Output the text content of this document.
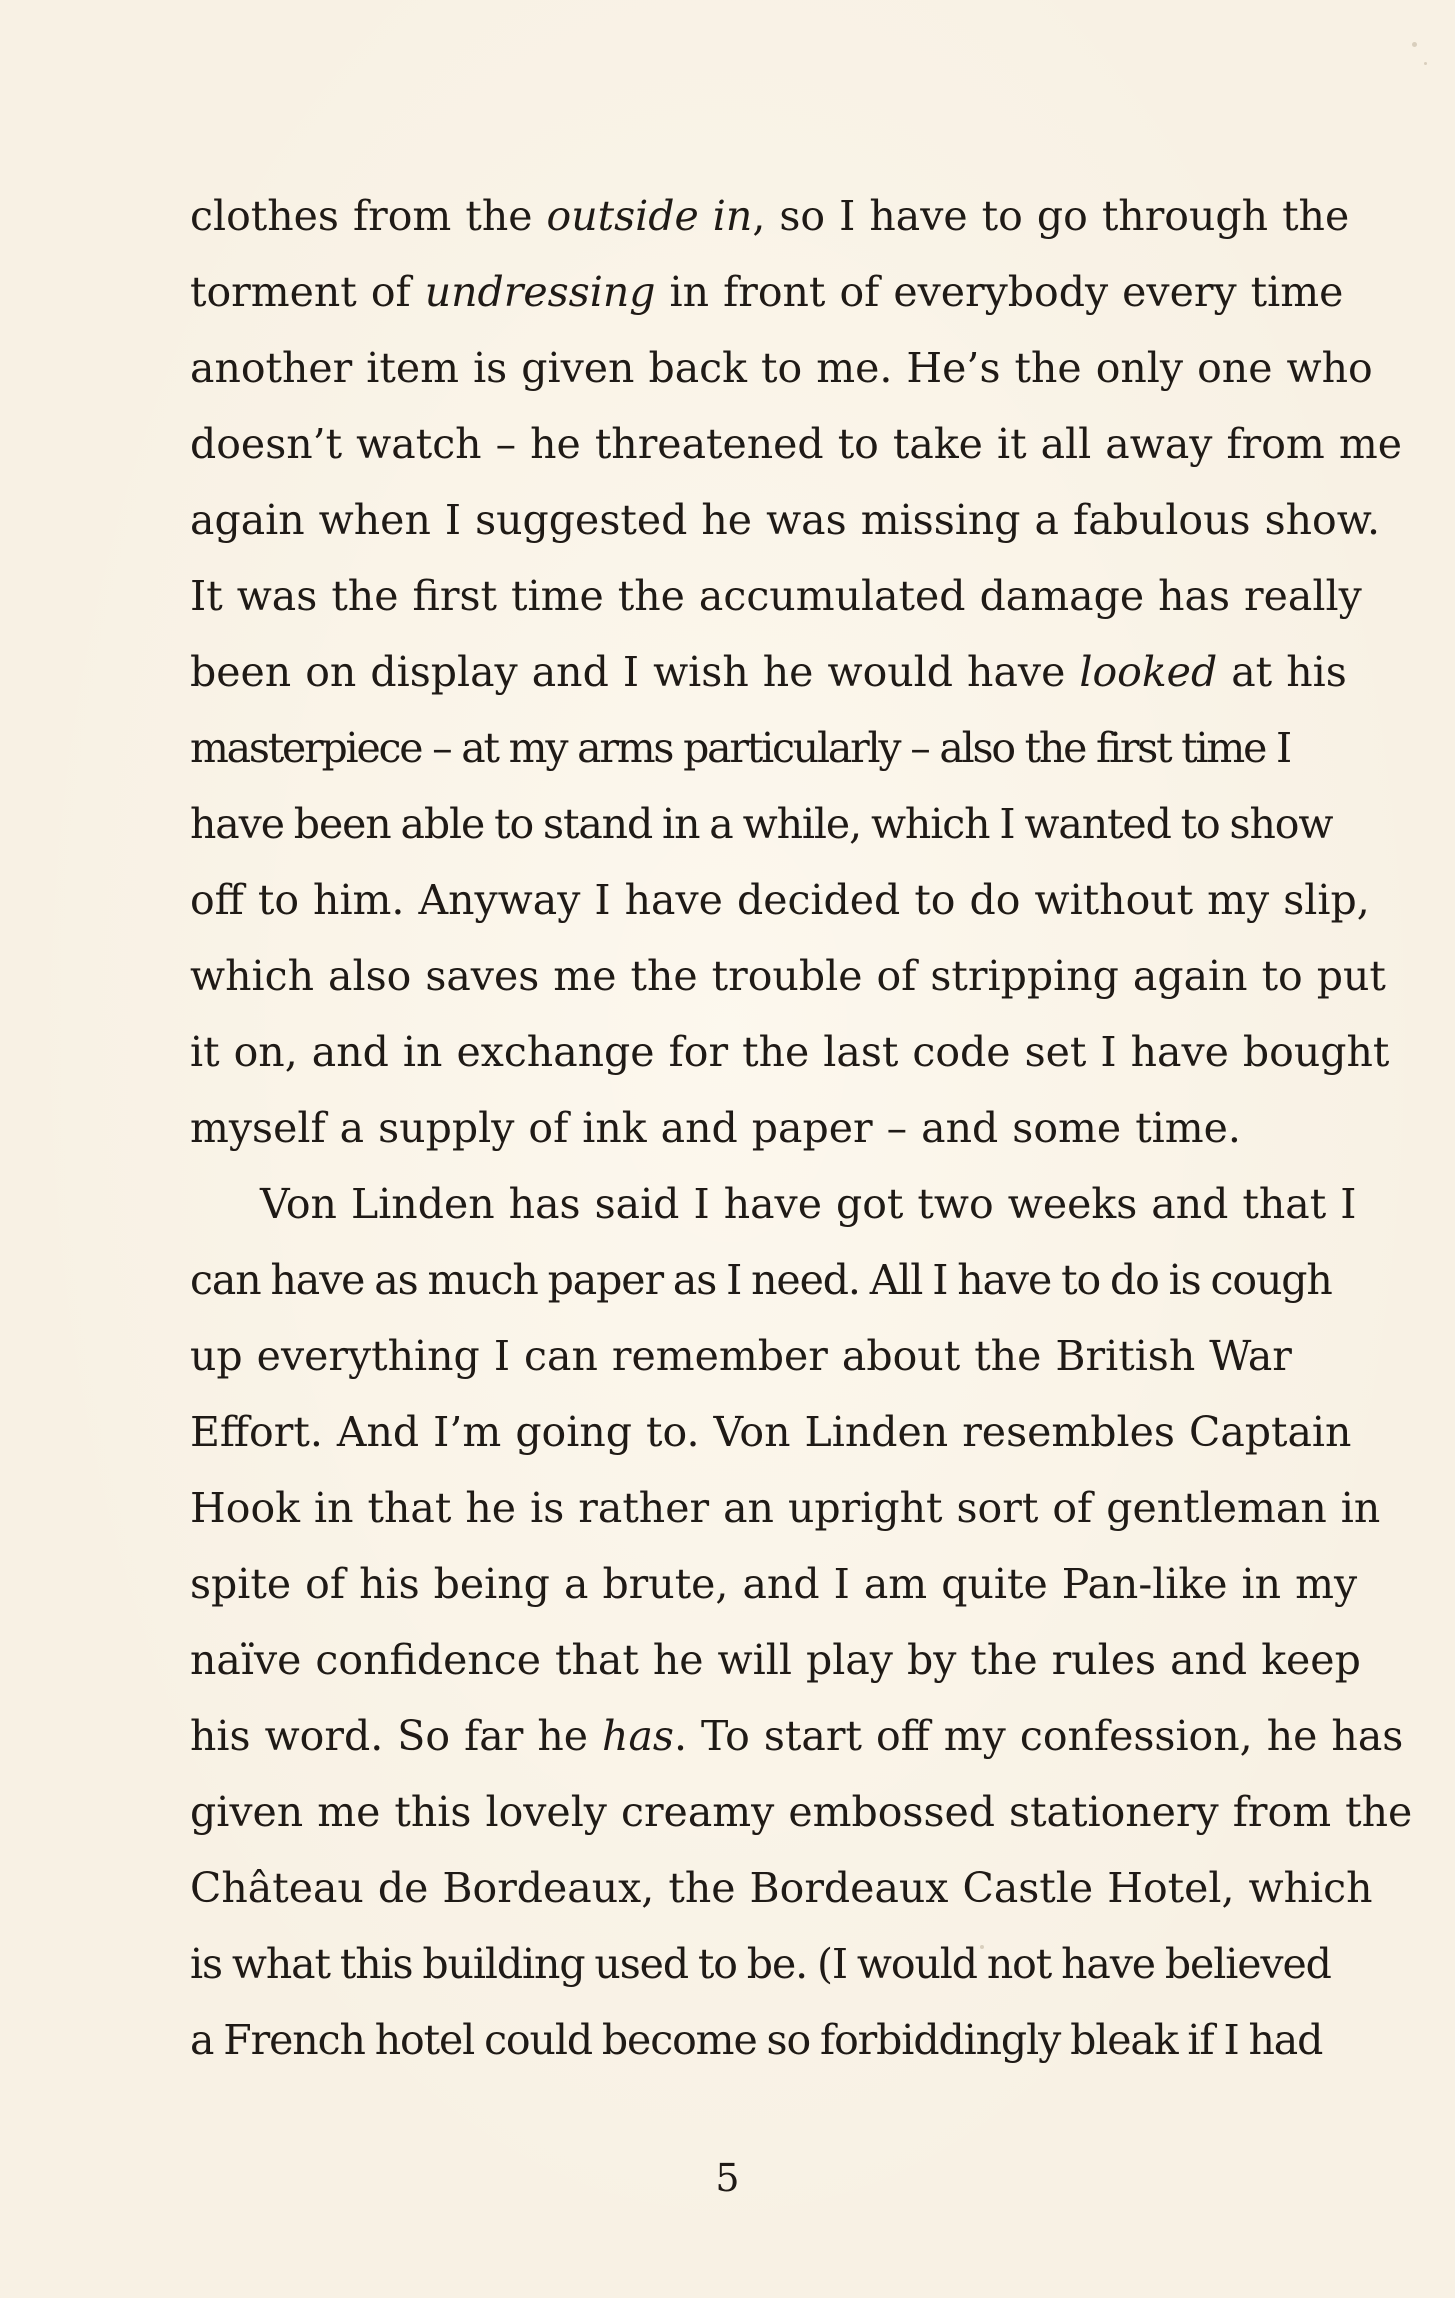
clothes from the outside in, so I have to go through the
torment of undressing in front of everybody every time
another item is given back to me. He’s the only one who
doesn’t watch – he threatened to take it all away from me
again when I suggested he was missing a fabulous show.
It was the first time the accumulated damage has really
been on display and I wish he would have looked at his
masterpiece – at my arms particularly – also the first time I
have been able to stand in a while, which I wanted to show
off to him. Anyway I have decided to do without my slip,
which also saves me the trouble of stripping again to put
it on, and in exchange for the last code set I have bought
myself a supply of ink and paper – and some time.
Von Linden has said I have got two weeks and that I
can have as much paper as I need. All I have to do is cough
up everything I can remember about the British War
Effort. And I’m going to. Von Linden resembles Captain
Hook in that he is rather an upright sort of gentleman in
spite of his being a brute, and I am quite Pan-like in my
naïve confidence that he will play by the rules and keep
his word. So far he has. To start off my confession, he has
given me this lovely creamy embossed stationery from the
Château de Bordeaux, the Bordeaux Castle Hotel, which
is what this building used to be. (I would not have believed
a French hotel could become so forbiddingly bleak if I had
5
